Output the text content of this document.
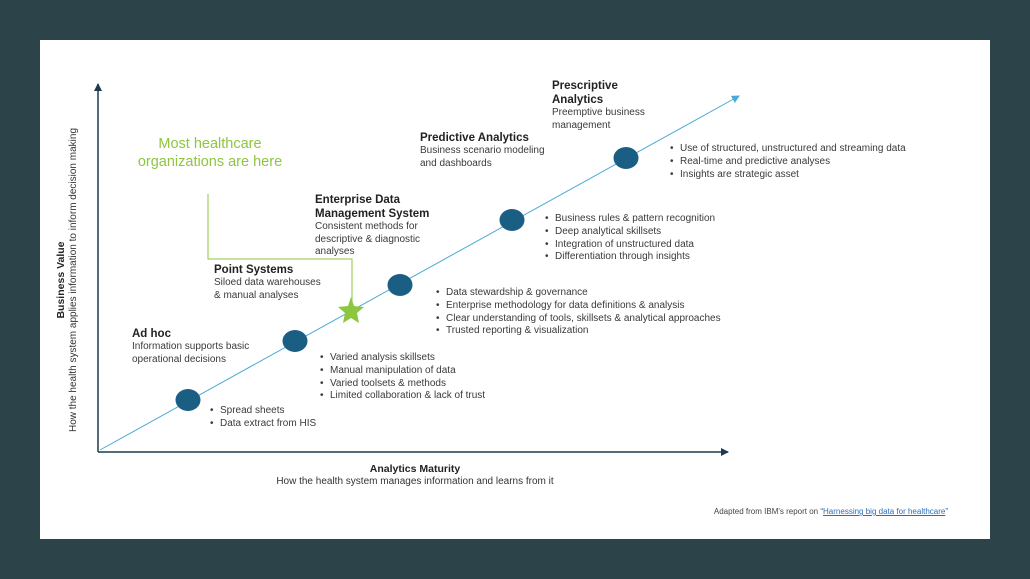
Most healthcare organizations are here
Ad hoc
Information supports basic operational decisions
• Spread sheets
• Data extract from HIS
Point Systems
Siloed data warehouses & manual analyses
• Varied analysis skillsets
• Manual manipulation of data
• Varied toolsets & methods
• Limited collaboration & lack of trust
Enterprise Data Management System
Consistent methods for descriptive & diagnostic analyses
• Data stewardship & governance
• Enterprise methodology for data definitions & analysis
• Clear understanding of tools, skillsets & analytical approaches
• Trusted reporting & visualization
Predictive Analytics
Business scenario modeling and dashboards
• Business rules & pattern recognition
• Deep analytical skillsets
• Integration of unstructured data
• Differentiation through insights
Prescriptive Analytics
Preemptive business management
• Use of structured, unstructured and streaming data
• Real-time and predictive analyses
• Insights are strategic asset
Analytics Maturity
How the health system manages information and learns from it
Business Value How the health system applies information to inform decision making
Adapted from IBM's report on “Harnessing big data for healthcare”
